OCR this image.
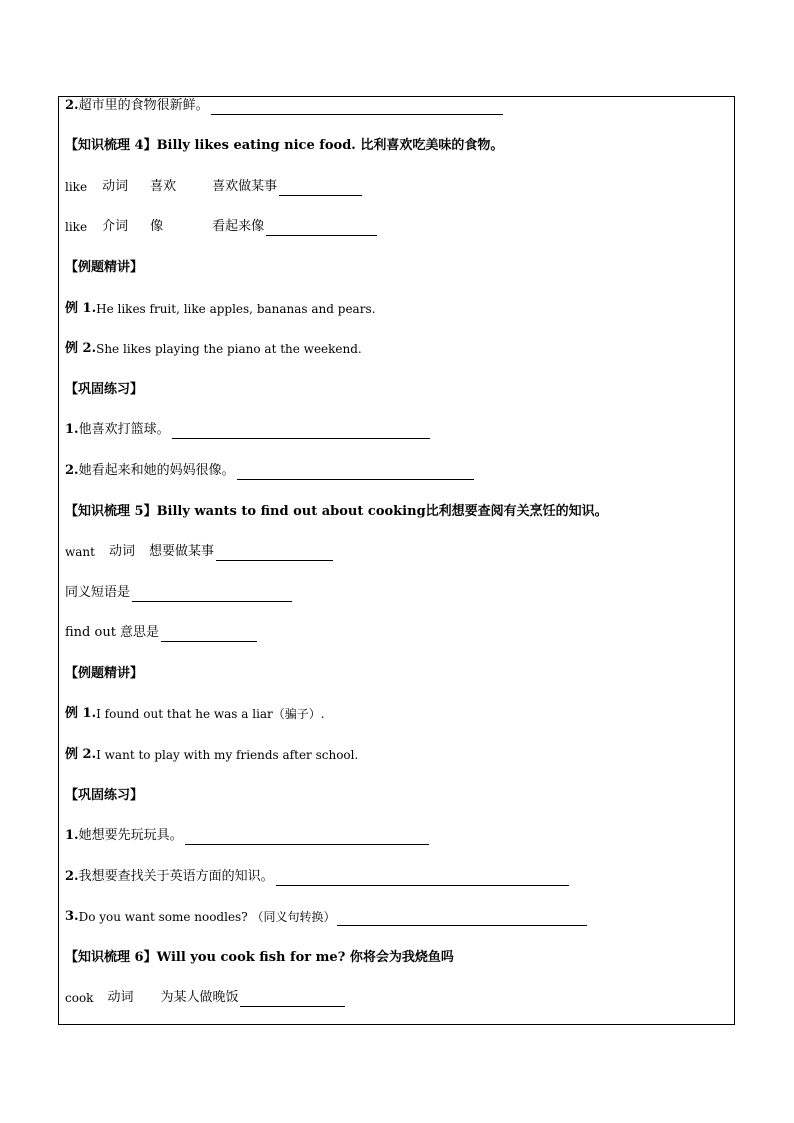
2. 超市里的食物很新鲜。
【知识梳理 4】Billy likes eating nice food. 比利喜欢吃美味的食物。
like 动词 喜欢	喜欢做某事
like 介词 像	看起来像
【例题精讲】
例 1. He likes fruit, like apples, bananas and pears.
例 2. She likes playing the piano at the weekend.
【巩固练习】
1. 他喜欢打篮球。
2. 她看起来和她的妈妈很像。
【知识梳理 5】Billy wants to find out about cooking比利想要查阅有关烹饪的知识。
want 动词 想要做某事
同义短语是
find out 意思是
【例题精讲】
例 1. I found out that he was a liar（骗子）.
例 2. I want to play with my friends after school.
【巩固练习】
1. 她想要先玩玩具。
2. 我想要查找关于英语方面的知识。
3. Do you want some noodles? （同义句转换）
【知识梳理 6】Will you cook fish for me? 你将会为我烧鱼吗
cook 动词 为某人做晚饭
